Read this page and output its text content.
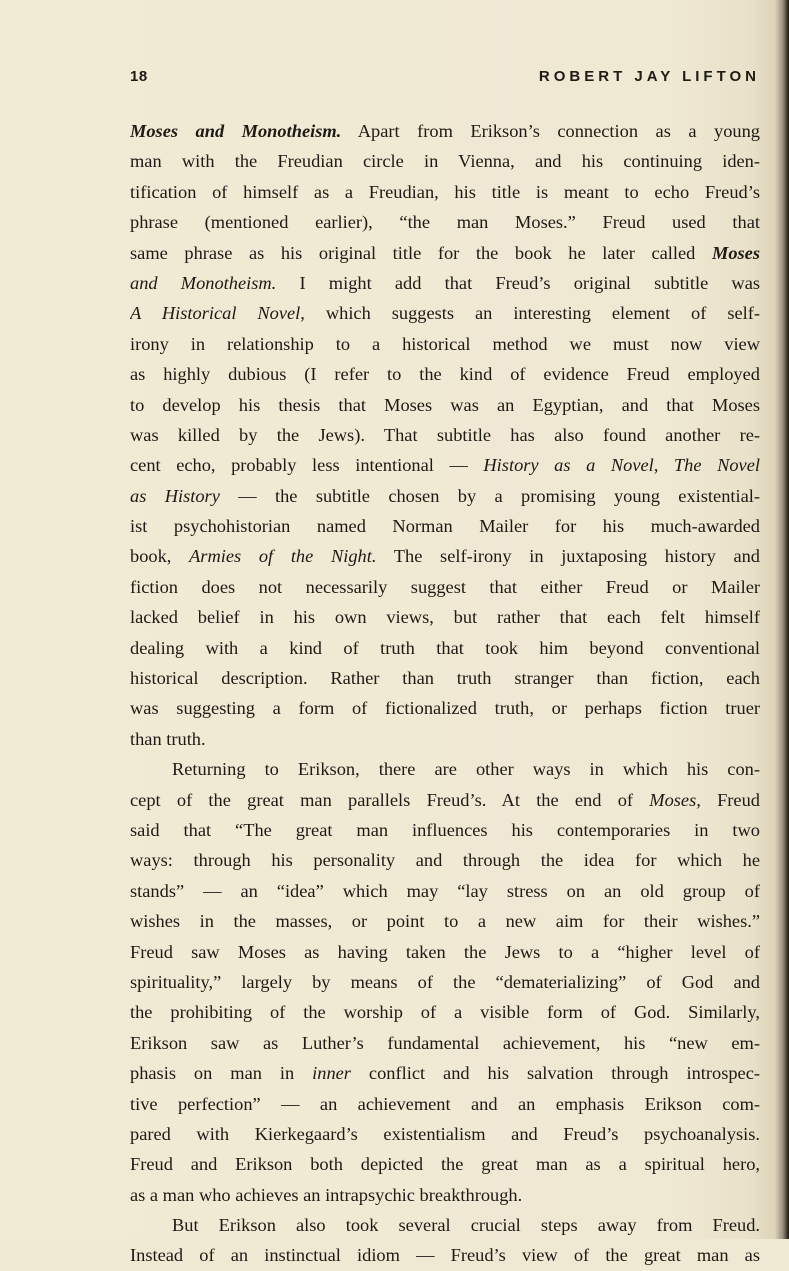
18	ROBERT JAY LIFTON
Moses and Monotheism. Apart from Erikson’s connection as a young
man with the Freudian circle in Vienna, and his continuing iden-
tification of himself as a Freudian, his title is meant to echo Freud’s
phrase (mentioned earlier), “the man Moses.” Freud used that
same phrase as his original title for the book he later called Moses
and Monotheism. I might add that Freud’s original subtitle was
A Historical Novel, which suggests an interesting element of self-
irony in relationship to a historical method we must now view
as highly dubious (I refer to the kind of evidence Freud employed
to develop his thesis that Moses was an Egyptian, and that Moses
was killed by the Jews). That subtitle has also found another re-
cent echo, probably less intentional — History as a Novel, The Novel
as History — the subtitle chosen by a promising young existential-
ist psychohistorian named Norman Mailer for his much-awarded
book, Armies of the Night. The self-irony in juxtaposing history and
fiction does not necessarily suggest that either Freud or Mailer
lacked belief in his own views, but rather that each felt himself
dealing with a kind of truth that took him beyond conventional
historical description. Rather than truth stranger than fiction, each
was suggesting a form of fictionalized truth, or perhaps fiction truer
than truth.
Returning to Erikson, there are other ways in which his con-
cept of the great man parallels Freud’s. At the end of Moses, Freud
said that “The great man influences his contemporaries in two
ways: through his personality and through the idea for which he
stands” — an “idea” which may “lay stress on an old group of
wishes in the masses, or point to a new aim for their wishes.”
Freud saw Moses as having taken the Jews to a “higher level of
spirituality,” largely by means of the “dematerializing” of God and
the prohibiting of the worship of a visible form of God. Similarly,
Erikson saw as Luther’s fundamental achievement, his “new em-
phasis on man in inner conflict and his salvation through introspec-
tive perfection” — an achievement and an emphasis Erikson com-
pared with Kierkegaard’s existentialism and Freud’s psychoanalysis.
Freud and Erikson both depicted the great man as a spiritual hero,
as a man who achieves an intrapsychic breakthrough.
But Erikson also took several crucial steps away from Freud.
Instead of an instinctual idiom — Freud’s view of the great man as
